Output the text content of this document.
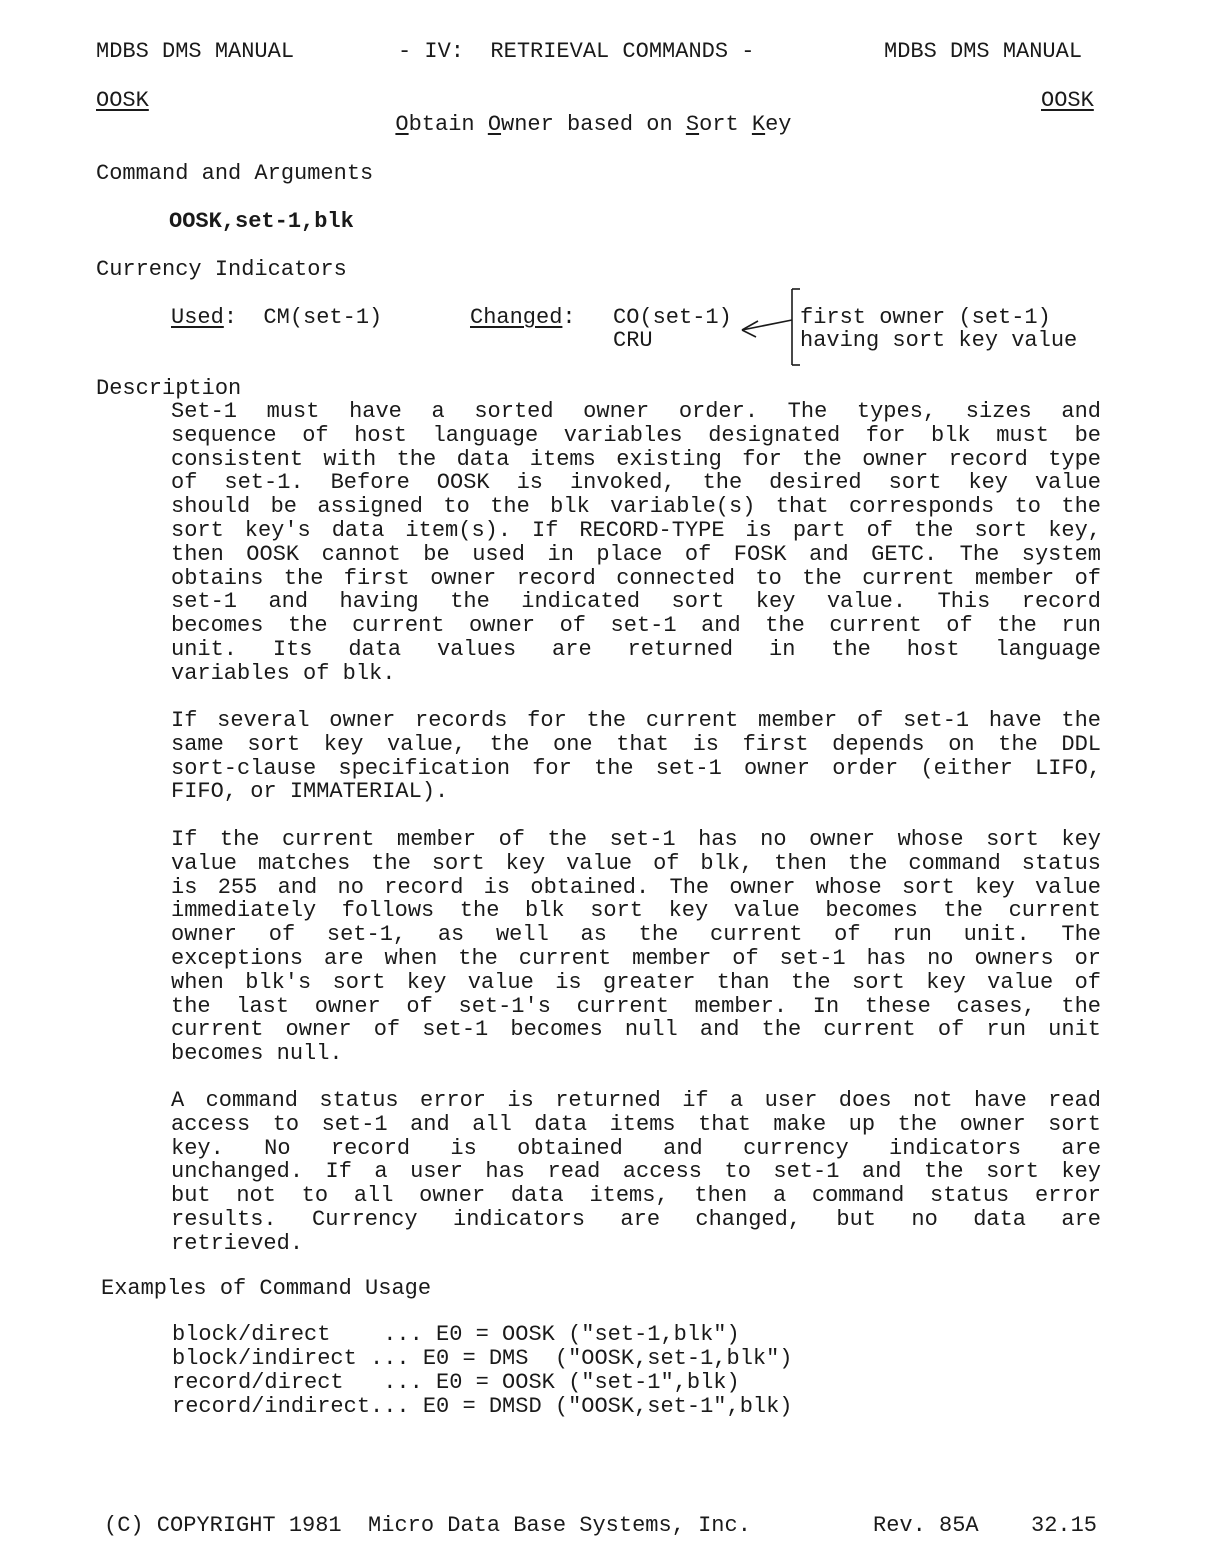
MDBS DMS MANUAL	- IV:  RETRIEVAL COMMANDS -	MDBS DMS MANUAL
OOSK

Obtain Owner based on Sort Key

OOSK
Command and Arguments
OOSK,set-1,blk
Currency Indicators
Used:  CM(set-1)	Changed: CO(set-1)
CRU
first owner (set-1)
having sort key value
Description
Set-1 must have a sorted owner order. The types, sizes and
sequence of host language variables designated for blk must be
consistent with the data items existing for the owner record type
of set-1. Before OOSK is invoked, the desired sort key value
should be assigned to the blk variable(s) that corresponds to the
sort key's data item(s). If RECORD-TYPE is part of the sort key,
then OOSK cannot be used in place of FOSK and GETC. The system
obtains the first owner record connected to the current member of
set-1 and having the indicated sort key value. This record
becomes the current owner of set-1 and the current of the run
unit. Its data values are returned in the host language
variables of blk.
If several owner records for the current member of set-1 have the
same sort key value, the one that is first depends on the DDL
sort-clause specification for the set-1 owner order (either LIFO,
FIFO, or IMMATERIAL).
If the current member of the set-1 has no owner whose sort key
value matches the sort key value of blk, then the command status
is 255 and no record is obtained. The owner whose sort key value
immediately follows the blk sort key value becomes the current
owner of set-1, as well as the current of run unit. The
exceptions are when the current member of set-1 has no owners or
when blk's sort key value is greater than the sort key value of
the last owner of set-1's current member. In these cases, the
current owner of set-1 becomes null and the current of run unit
becomes null.
A command status error is returned if a user does not have read
access to set-1 and all data items that make up the owner sort
key. No record is obtained and currency indicators are
unchanged. If a user has read access to set-1 and the sort key
but not to all owner data items, then a command status error
results. Currency indicators are changed, but no data are
retrieved.
Examples of Command Usage
block/direct    ... E0 = OOSK ("set-1,blk")
block/indirect ... E0 = DMS  ("OOSK,set-1,blk")
record/direct   ... E0 = OOSK ("set-1",blk)
record/indirect... E0 = DMSD ("OOSK,set-1",blk)
(C) COPYRIGHT 1981  Micro Data Base Systems, Inc.	Rev. 85A 32.15
